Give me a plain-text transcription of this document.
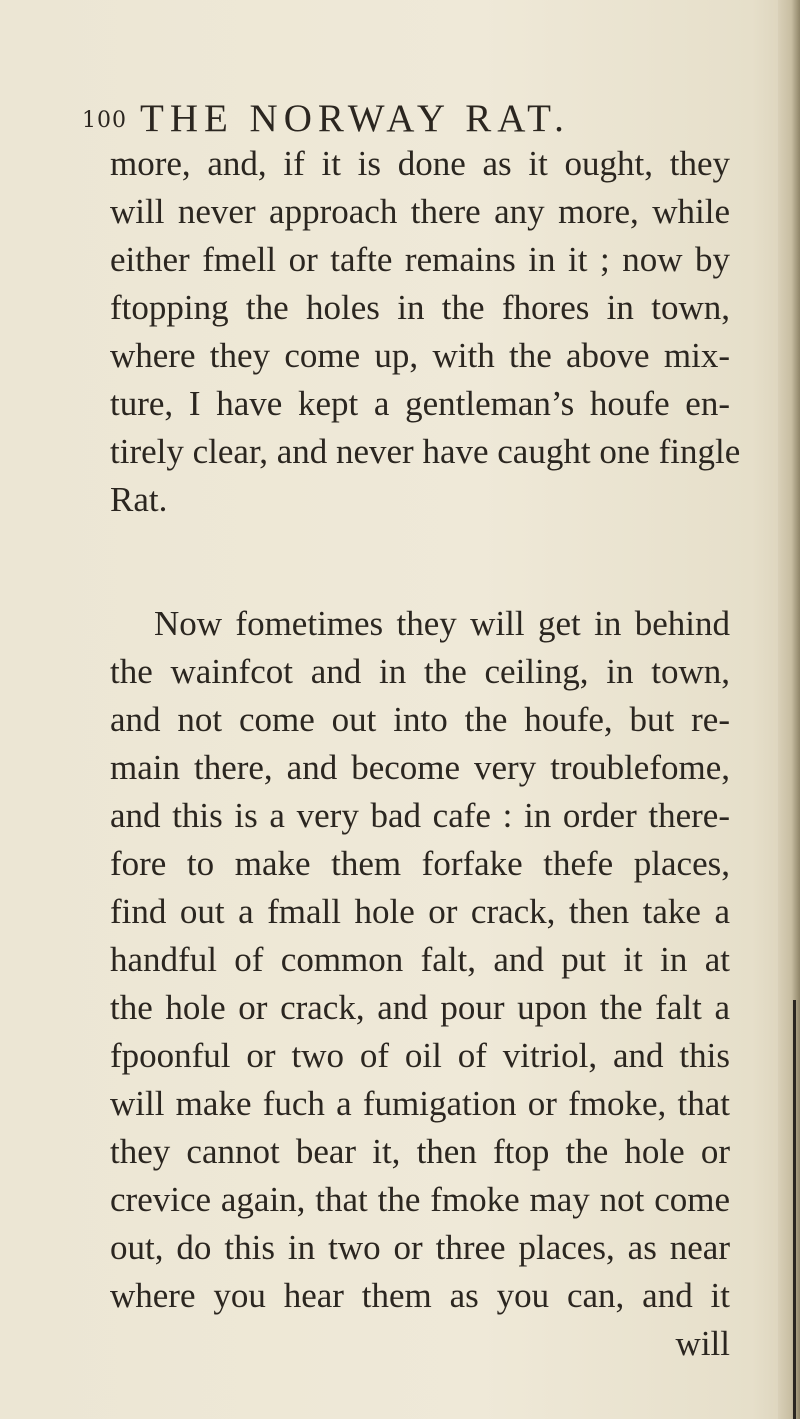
100 THE NORWAY RAT.
more, and, if it is done as it ought, they
will never approach there any more, while
either fmell or tafte remains in it ; now by
ftopping the holes in the fhores in town,
where they come up, with the above mix-
ture, I have kept a gentleman’s houfe en-
tirely clear, and never have caught one fingle
Rat.
Now fometimes they will get in behind
the wainfcot and in the ceiling, in town,
and not come out into the houfe, but re-
main there, and become very troublefome,
and this is a very bad cafe : in order there-
fore to make them forfake thefe places,
find out a fmall hole or crack, then take a
handful of common falt, and put it in at
the hole or crack, and pour upon the falt a
fpoonful or two of oil of vitriol, and this
will make fuch a fumigation or fmoke, that
they cannot bear it, then ftop the hole or
crevice again, that the fmoke may not come
out, do this in two or three places, as near
where you hear them as you can, and it
will
